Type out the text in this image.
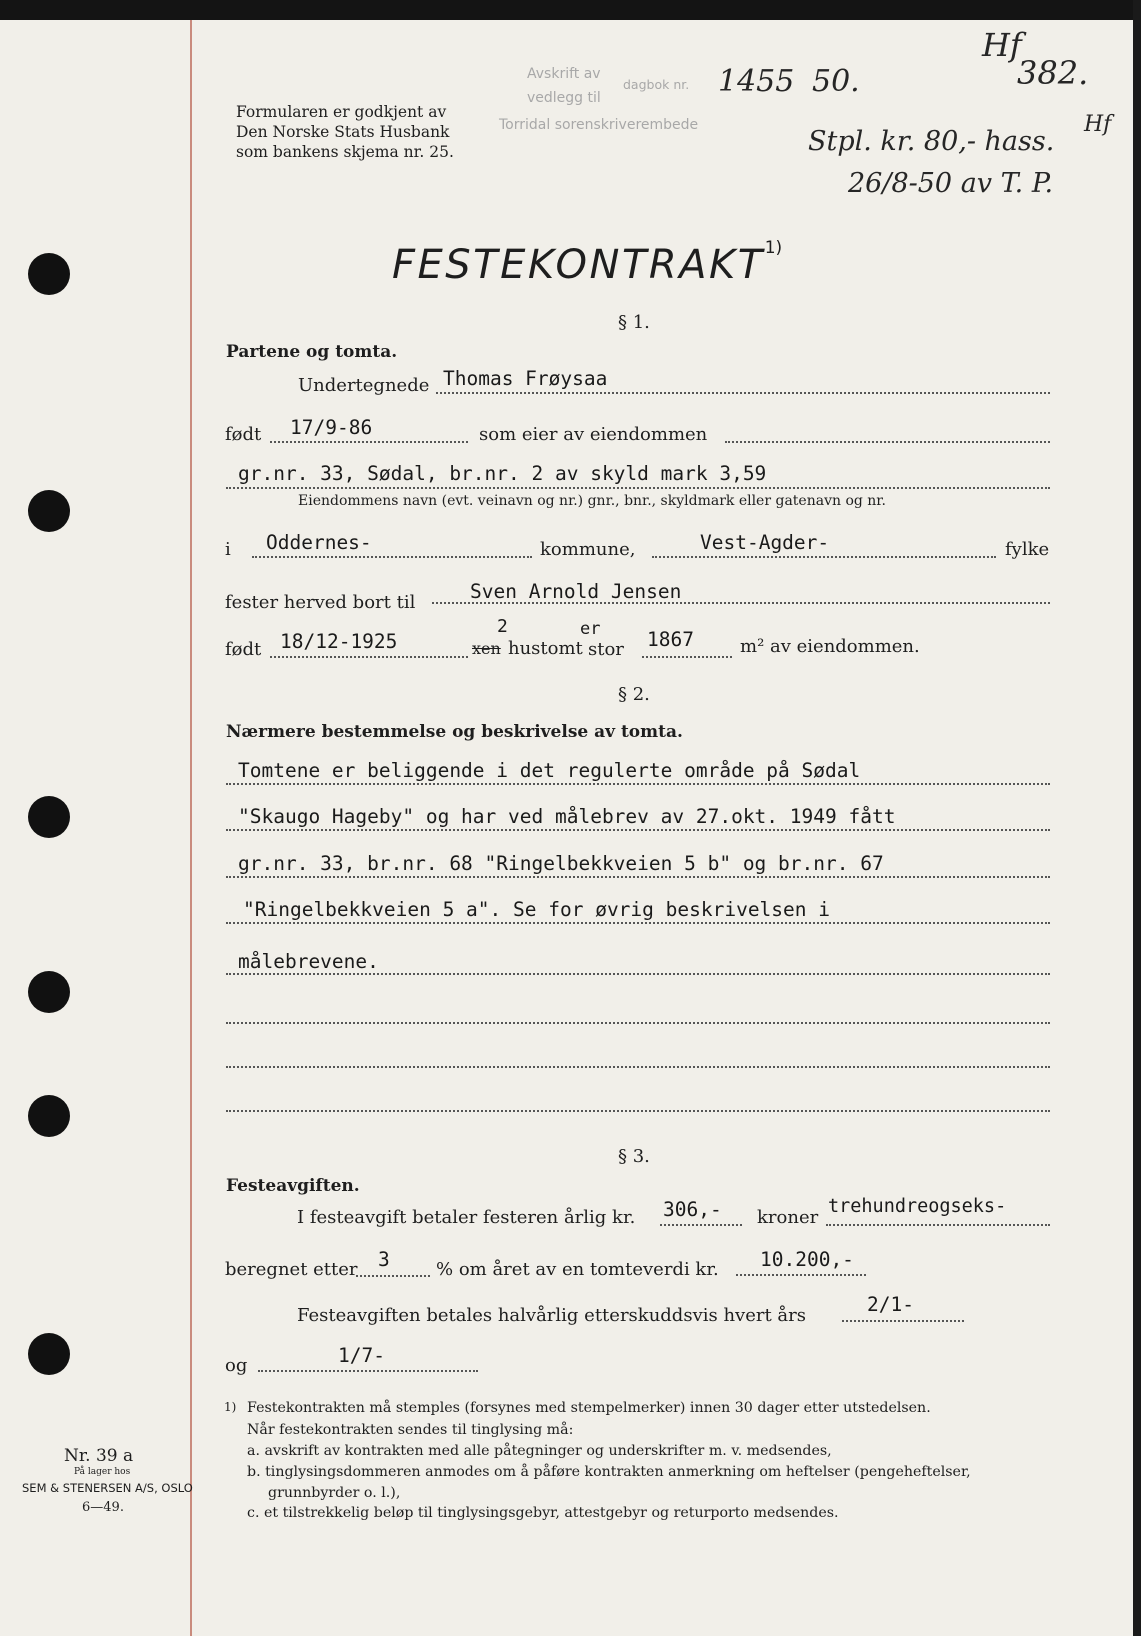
Formularen er godkjent av
Den Norske Stats Husbank
som bankens skjema nr. 25.
Avskrift av
dagbok nr.
vedlegg til
Torridal sorenskriverembede
1455 50.
Hf
382.
Stpl. kr. 80,- hass.
Hf
26/8-50 av T. P.
FESTEKONTRAKT$^{1)}$
§ 1.
Partene og tomta.
Undertegnede Thomas Frøysaa
født 17/9-86	som eier av eiendommen
gr.nr. 33, Sødal, br.nr. 2 av skyld mark 3,59
Eiendommens navn (evt. veinavn og nr.) gnr., bnr., skyldmark eller gatenavn og nr.
i Oddernes-	kommune,	Vest-Agder-	fylke
fester herved bort til	Sven Arnold Jensen
født 18/12-1925	xen
2
hustomt
er
stor 1867	m² av eiendommen.
§ 2.
Nærmere bestemmelse og beskrivelse av tomta.
Tomtene er beliggende i det regulerte område på Sødal
"Skaugo Hageby" og har ved målebrev av 27.okt. 1949 fått
gr.nr. 33, br.nr. 68 "Ringelbekkveien 5 b" og br.nr. 67
"Ringelbekkveien 5 a". Se for øvrig beskrivelsen i
målebrevene.
§ 3.
Festeavgiften.
I festeavgift betaler festeren årlig kr. 306,- kroner
trehundreogseks-
beregnet etter 3	% om året av en tomteverdi kr. 10.200,-
Festeavgiften betales halvårlig etterskuddsvis hvert års	2/1-
og	1/7-
1) Festekontrakten må stemples (forsynes med stempelmerker) innen 30 dager etter utstedelsen.
Når festekontrakten sendes til tinglysing må:
a. avskrift av kontrakten med alle påtegninger og underskrifter m. v. medsendes,
b. tinglysingsdommeren anmodes om å påføre kontrakten anmerkning om heftelser (pengeheftelser,
grunnbyrder o. l.),
c. et tilstrekkelig beløp til tinglysingsgebyr, attestgebyr og returporto medsendes.
Nr. 39 a
På lager hos
SEM & STENERSEN A/S, OSLO
6—49.
